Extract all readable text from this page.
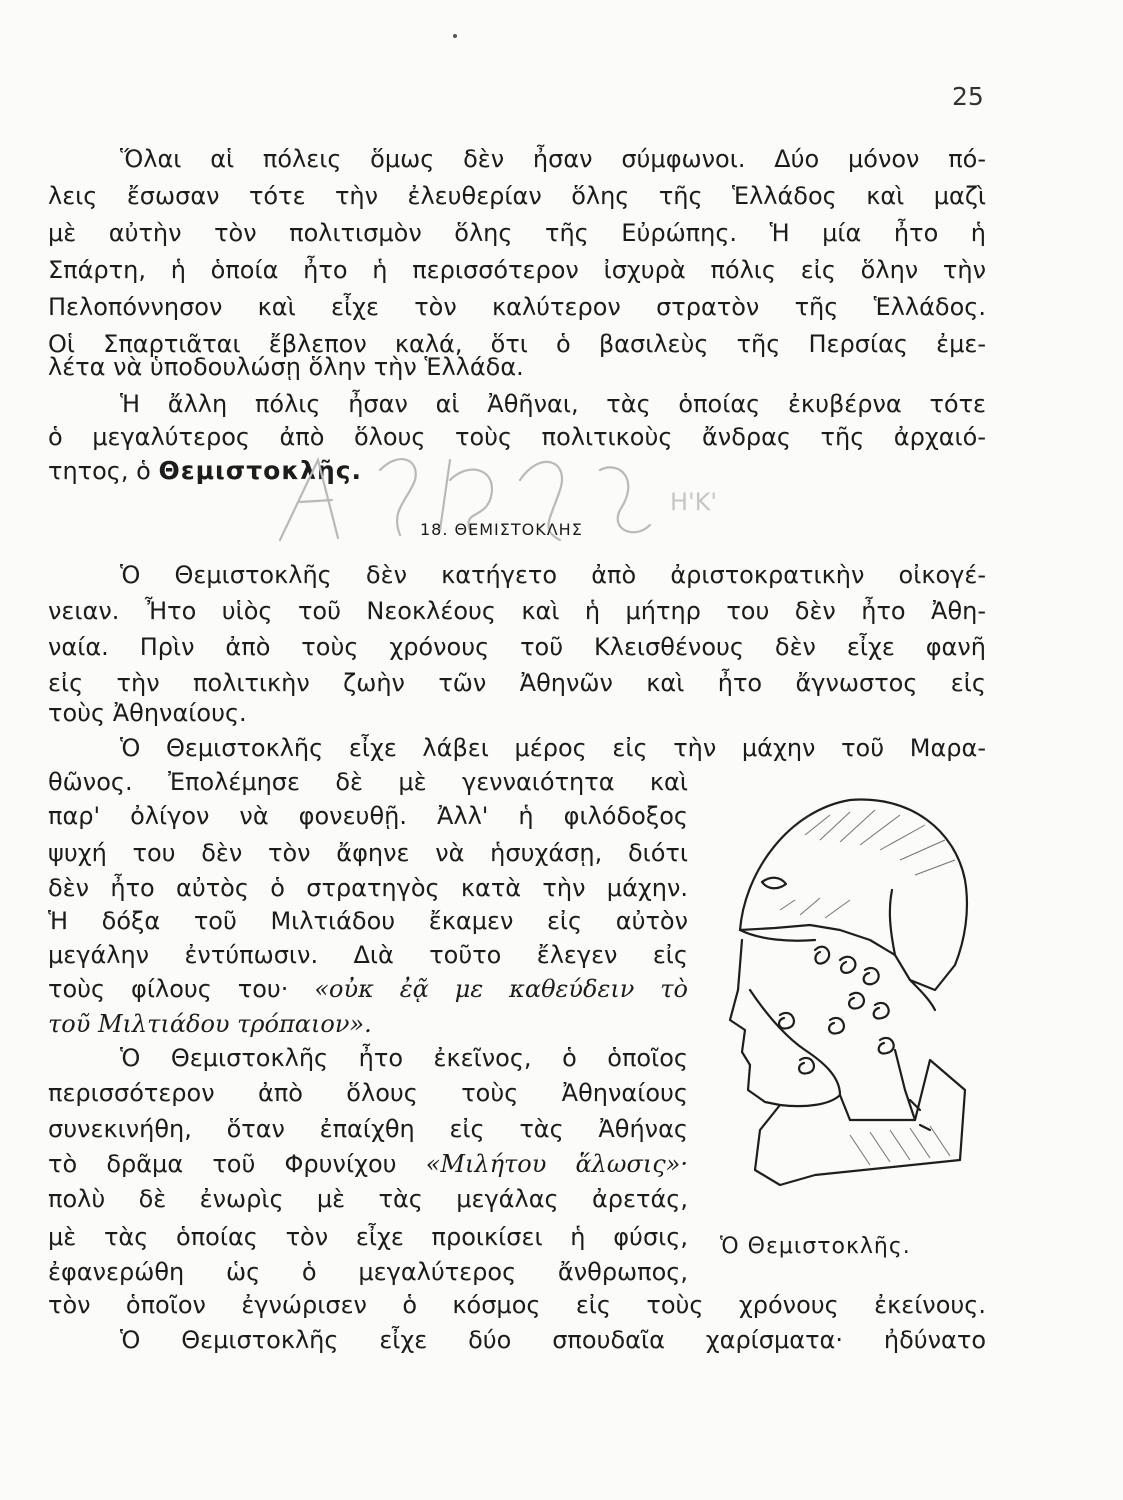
25
Ὅλαι αἱ πόλεις ὅμως δὲν ἦσαν σύμφωνοι. Δύο μόνον πό-
λεις ἔσωσαν τότε τὴν ἐλευθερίαν ὅλης τῆς Ἑλλάδος καὶ μαζὶ
μὲ αὐτὴν τὸν πολιτισμὸν ὅλης τῆς Εὐρώπης. Ἡ μία ἦτο ἡ
Σπάρτη, ἡ ὁποία ἦτο ἡ περισσότερον ἰσχυρὰ πόλις εἰς ὅλην τὴν
Πελοπόννησον καὶ εἶχε τὸν καλύτερον στρατὸν τῆς Ἑλλάδος.
Οἱ Σπαρτιᾶται ἔβλεπον καλά, ὅτι ὁ βασιλεὺς τῆς Περσίας ἐμε-
λέτα νὰ ὑποδουλώσῃ ὅλην τὴν Ἑλλάδα.
Ἡ ἄλλη πόλις ἦσαν αἱ Ἀθῆναι, τὰς ὁποίας ἐκυβέρνα τότε
ὁ μεγαλύτερος ἀπὸ ὅλους τοὺς πολιτικοὺς ἄνδρας τῆς ἀρχαιό-
τητος, ὁ Θεμιστοκλῆς.
Η'Κ'
18. ΘΕΜΙΣΤΟΚΛΗΣ
Ὁ Θεμιστοκλῆς δὲν κατήγετο ἀπὸ ἀριστοκρατικὴν οἰκογέ-
νειαν. Ἦτο υἱὸς τοῦ Νεοκλέους καὶ ἡ μήτηρ του δὲν ἦτο Ἀθη-
ναία. Πρὶν ἀπὸ τοὺς χρόνους τοῦ Κλεισθένους δὲν εἶχε φανῆ
εἰς τὴν πολιτικὴν ζωὴν τῶν Ἀθηνῶν καὶ ἦτο ἄγνωστος εἰς
τοὺς Ἀθηναίους.
Ὁ Θεμιστοκλῆς εἶχε λάβει μέρος εἰς τὴν μάχην τοῦ Μαρα-
θῶνος. Ἐπολέμησε δὲ μὲ γενναιότητα καὶ
παρ' ὀλίγον νὰ φονευθῇ. Ἀλλ' ἡ φιλόδοξος
ψυχή του δὲν τὸν ἄφηνε νὰ ἡσυχάσῃ, διότι
δὲν ἦτο αὐτὸς ὁ στρατηγὸς κατὰ τὴν μάχην.
Ἡ δόξα τοῦ Μιλτιάδου ἔκαμεν εἰς αὐτὸν
μεγάλην ἐντύπωσιν. Διὰ τοῦτο ἔλεγεν εἰς
τοὺς φίλους του· «οὐκ ἐᾷ με καθεύδειν τὸ
τοῦ Μιλτιάδου τρόπαιον».
Ὁ Θεμιστοκλῆς ἦτο ἐκεῖνος, ὁ ὁποῖος
περισσότερον ἀπὸ ὅλους τοὺς Ἀθηναίους
συνεκινήθη, ὅταν ἐπαίχθη εἰς τὰς Ἀθήνας
τὸ δρᾶμα τοῦ Φρυνίχου «Μιλήτου ἅλωσις»·
πολὺ δὲ ἐνωρὶς μὲ τὰς μεγάλας ἀρετάς,
μὲ τὰς ὁποίας τὸν εἶχε προικίσει ἡ φύσις,
ἐφανερώθη ὡς ὁ μεγαλύτερος ἄνθρωπος,
τὸν ὁποῖον ἐγνώρισεν ὁ κόσμος εἰς τοὺς χρόνους ἐκείνους.
Ὁ Θεμιστοκλῆς εἶχε δύο σπουδαῖα χαρίσματα· ἠδύνατο
Ὁ Θεμιστοκλῆς.
